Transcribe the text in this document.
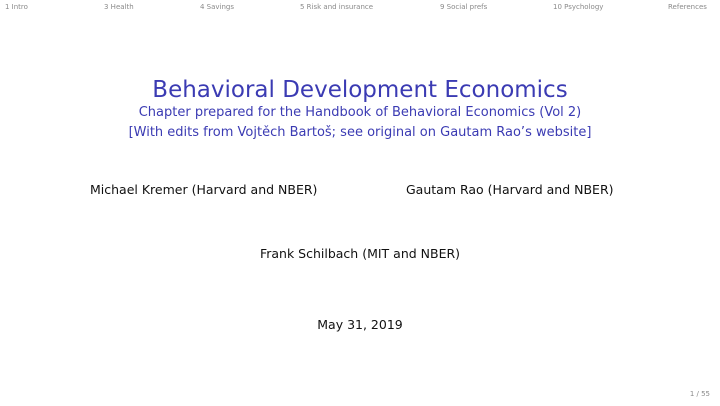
1 Intro	3 Health	4 Savings	5 Risk and insurance	9 Social prefs	10 Psychology	References
Behavioral Development Economics
Chapter prepared for the Handbook of Behavioral Economics (Vol 2)
[With edits from Vojtěch Bartoš; see original on Gautam Rao’s website]
Michael Kremer (Harvard and NBER)	Gautam Rao (Harvard and NBER)
Frank Schilbach (MIT and NBER)
May 31, 2019
1 / 55
